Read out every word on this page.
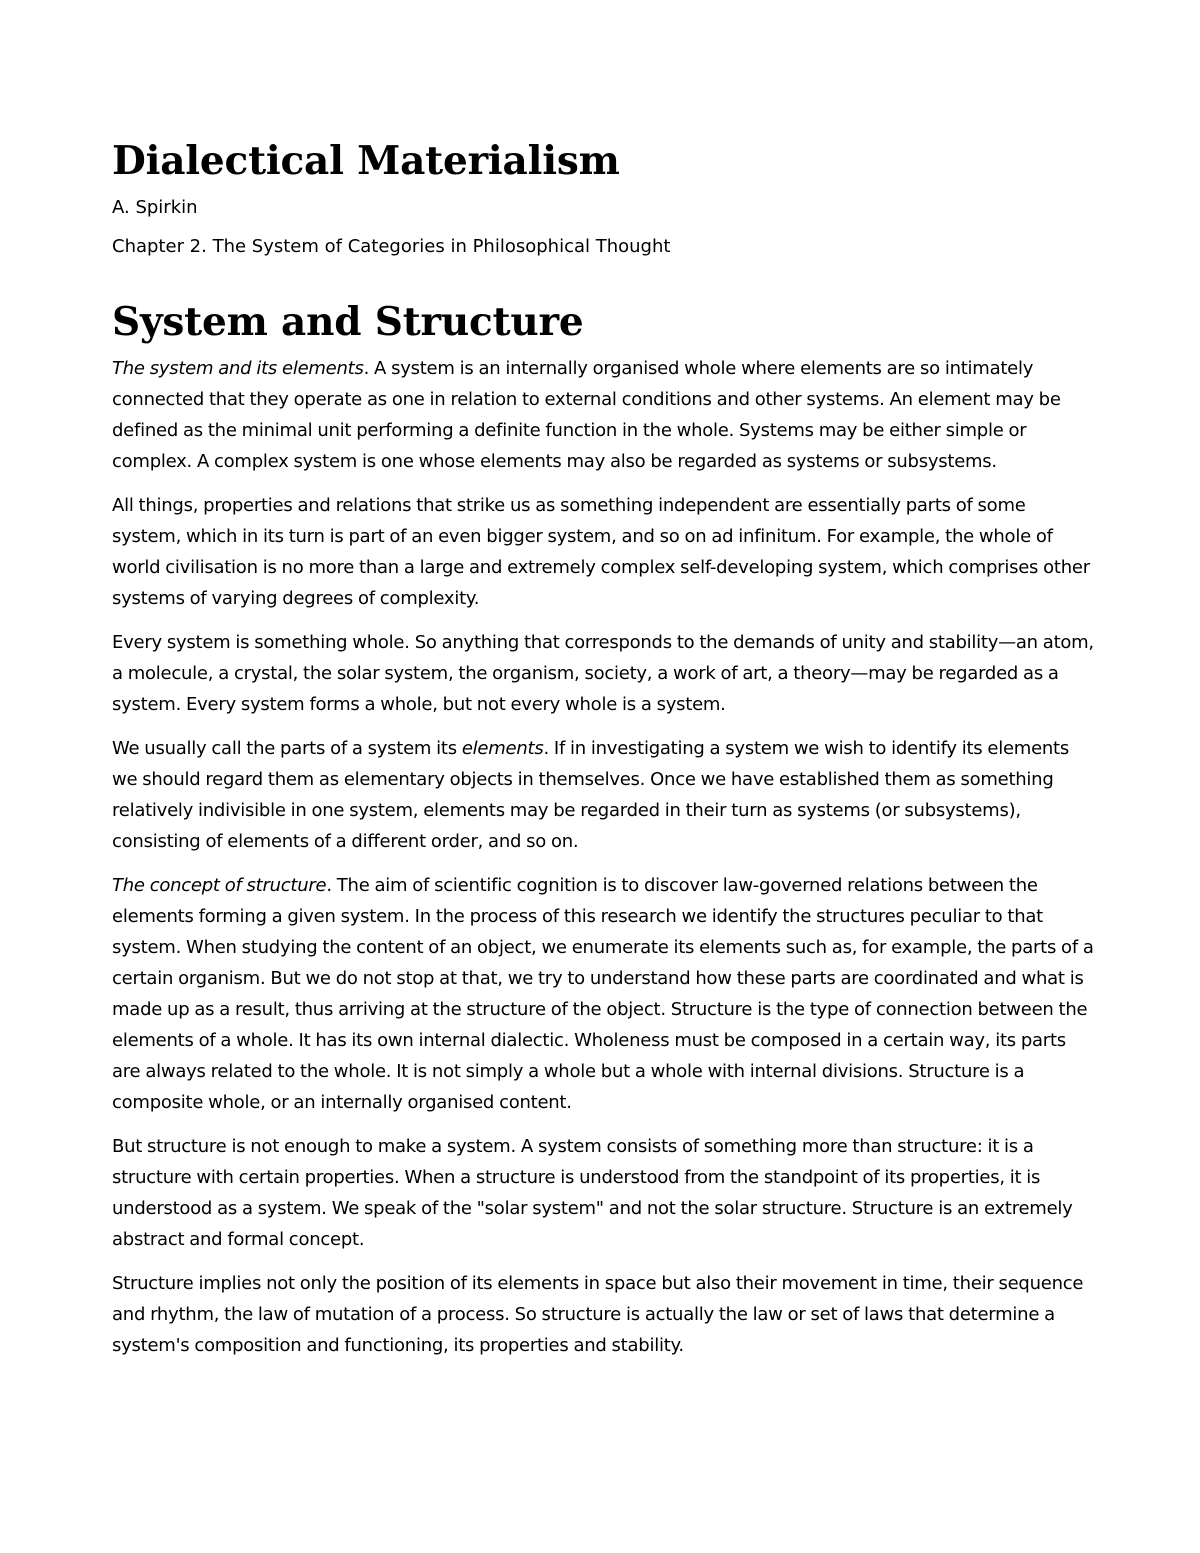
Dialectical Materialism

A. Spirkin

Chapter 2. The System of Categories in Philosophical Thought

System and Structure

The system and its elements. A system is an internally organised whole where elements are so intimately connected that they operate as one in relation to external conditions and other systems. An element may be defined as the minimal unit performing a definite function in the whole. Systems may be either simple or complex. A complex system is one whose elements may also be regarded as systems or subsystems.

All things, properties and relations that strike us as something independent are essentially parts of some system, which in its turn is part of an even bigger system, and so on ad infinitum. For example, the whole of world civilisation is no more than a large and extremely complex self-developing system, which comprises other systems of varying degrees of complexity.

Every system is something whole. So anything that corresponds to the demands of unity and stability—an atom, a molecule, a crystal, the solar system, the organism, society, a work of art, a theory—may be regarded as a system. Every system forms a whole, but not every whole is a system.

We usually call the parts of a system its elements. If in investigating a system we wish to identify its elements we should regard them as elementary objects in themselves. Once we have established them as something relatively indivisible in one system, elements may be regarded in their turn as systems (or subsystems), consisting of elements of a different order, and so on.

The concept of structure. The aim of scientific cognition is to discover law-governed relations between the elements forming a given system. In the process of this research we identify the structures peculiar to that system. When studying the content of an object, we enumerate its elements such as, for example, the parts of a certain organism. But we do not stop at that, we try to understand how these parts are coordinated and what is made up as a result, thus arriving at the structure of the object. Structure is the type of connection between the elements of a whole. It has its own internal dialectic. Wholeness must be composed in a certain way, its parts are always related to the whole. It is not simply a whole but a whole with internal divisions. Structure is a composite whole, or an internally organised content.

But structure is not enough to make a system. A system consists of something more than structure: it is a structure with certain properties. When a structure is understood from the standpoint of its properties, it is understood as a system. We speak of the "solar system" and not the solar structure. Structure is an extremely abstract and formal concept.

Structure implies not only the position of its elements in space but also their movement in time, their sequence and rhythm, the law of mutation of a process. So structure is actually the law or set of laws that determine a system's composition and functioning, its properties and stability.
